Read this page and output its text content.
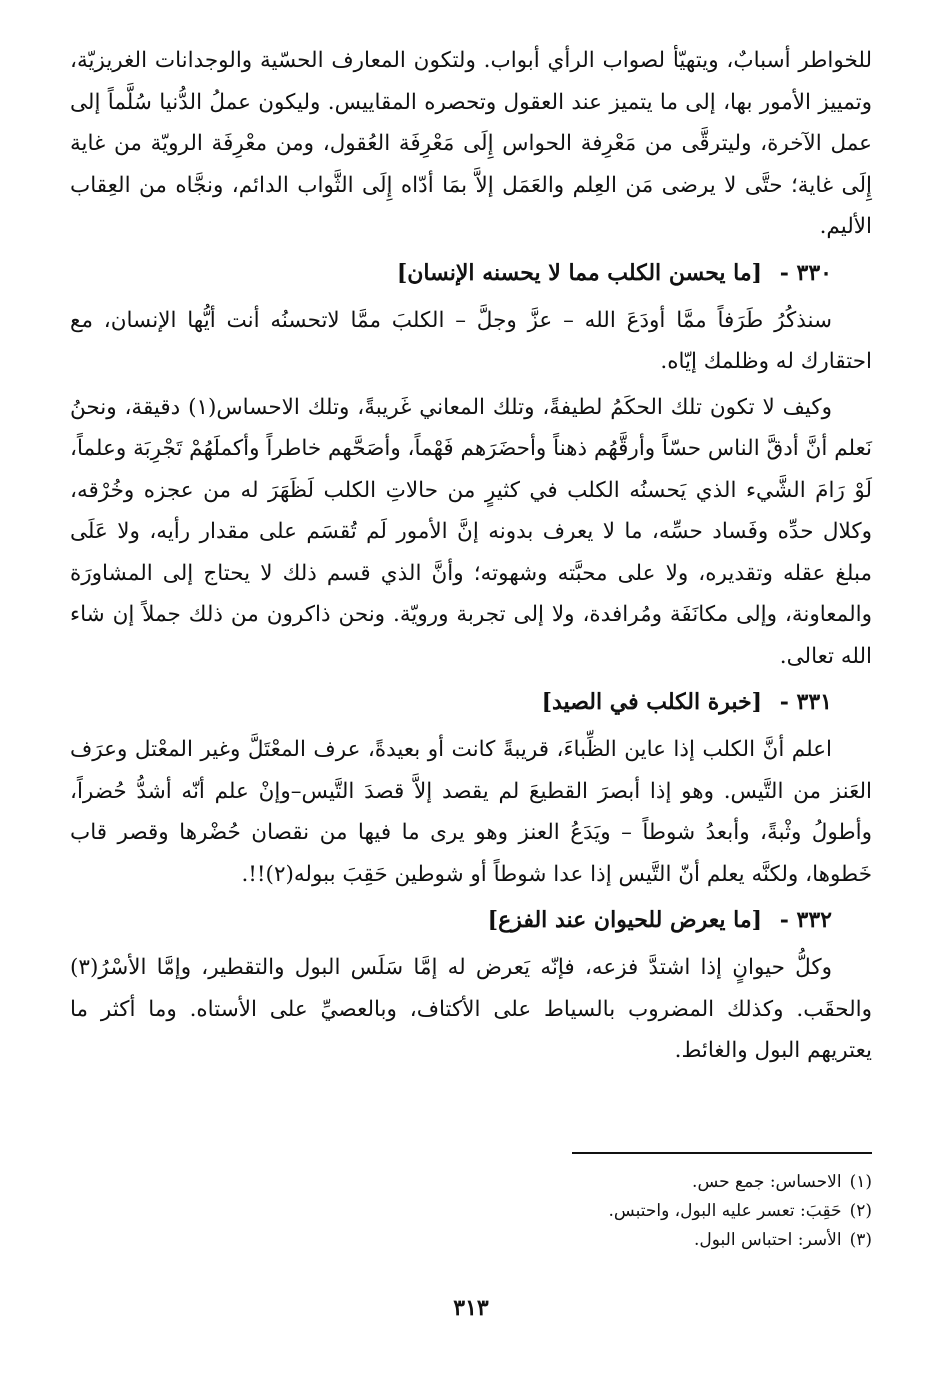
للخواطر أسبابٌ، ويتهيّأ لصواب الرأي أبواب. ولتكون المعارف الحسّية والوجدانات الغريزيّة، وتمييز الأمور بها، إلى ما يتميز عند العقول وتحصره المقاييس. وليكون عملُ الدُّنيا سُلَّماً إلى عمل الآخرة، وليترقَّى من مَعْرِفة الحواس إِلَى مَعْرِفَة العُقول، ومن معْرِفَة الرويّة من غاية إِلَى غاية؛ حتَّى لا يرضى مَن العِلم والعَمَل إلاَّ بمَا أدّاه إِلَى الثَّواب الدائم، ونجَّاه من العِقاب الأليم.

٣٣٠ - [ما يحسن الكلب مما لا يحسنه الإنسان]

سنذكُرُ طَرَفاً ممَّا أودَعَ الله – عزَّ وجلَّ – الكلبَ ممَّا لاتحسنُه أنت أيُّها الإنسان، مع احتقارك له وظلمك إيّاه.

وكيف لا تكون تلك الحكَمُ لطيفةً، وتلك المعاني غَريبةً، وتلك الاحساس(١) دقيقة، ونحنُ نَعلم أنَّ أدقَّ الناس حسّاً وأرقَّهُم ذهناً وأحضَرَهم فَهْماً، وأصَحَّهم خاطراً وأكملَهُمْ تَجْرِبَة وعلماً، لَوْ رَامَ الشَّيء الذي يَحسنُه الكلب في كثيرٍ من حالاتِ الكلب لَظَهَرَ له من عجزه وخُرْقه، وكلال حدِّه وفَساد حسِّه، ما لا يعرف بدونه إنَّ الأمور لَم تُقسَم على مقدار رأيه، ولا عَلَى مبلغ عقله وتقديره، ولا على محبَّته وشهوته؛ وأنَّ الذي قسم ذلك لا يحتاج إلى المشاورَة والمعاونة، وإلى مكانَفَة ومُرافدة، ولا إلى تجربة ورويّة. ونحن ذاكرون من ذلك جملاً إن شاء الله تعالى.

٣٣١ - [خبرة الكلب في الصيد]

اعلم أنَّ الكلب إذا عاين الظِّباءَ، قريبةً كانت أو بعيدةً، عرف المعْتَلَّ وغير المعْتل وعرَف العَنز من التَّيس. وهو إذا أبصرَ القطيعَ لم يقصد إلاَّ قصدَ التَّيس–وإنْ علم أنّه أشدُّ حُضراً، وأطولُ وثْبةً، وأبعدُ شوطاً – ويَدَعُ العنز وهو يرى ما فيها من نقصان حُضْرها وقصر قاب خَطوها، ولكنَّه يعلم أنّ التَّيس إذا عدا شوطاً أو شوطين حَقِبَ ببوله(٢)!!.

٣٣٢ - [ما يعرض للحيوان عند الفزع]

وكلُّ حيوانٍ إذا اشتدَّ فزعه، فإنّه يَعرض له إمَّا سَلَس البول والتقطير، وإمَّا الأسْرُ(٣) والحقَب. وكذلك المضروب بالسياط على الأكتاف، وبالعصيِّ على الأستاه. وما أكثر ما يعتريهم البول والغائط.

(١)الاحساس: جمع حس.

(٢)حَقِبَ: تعسر عليه البول، واحتبس.

(٣)الأسر: احتباس البول.

٣١٣
